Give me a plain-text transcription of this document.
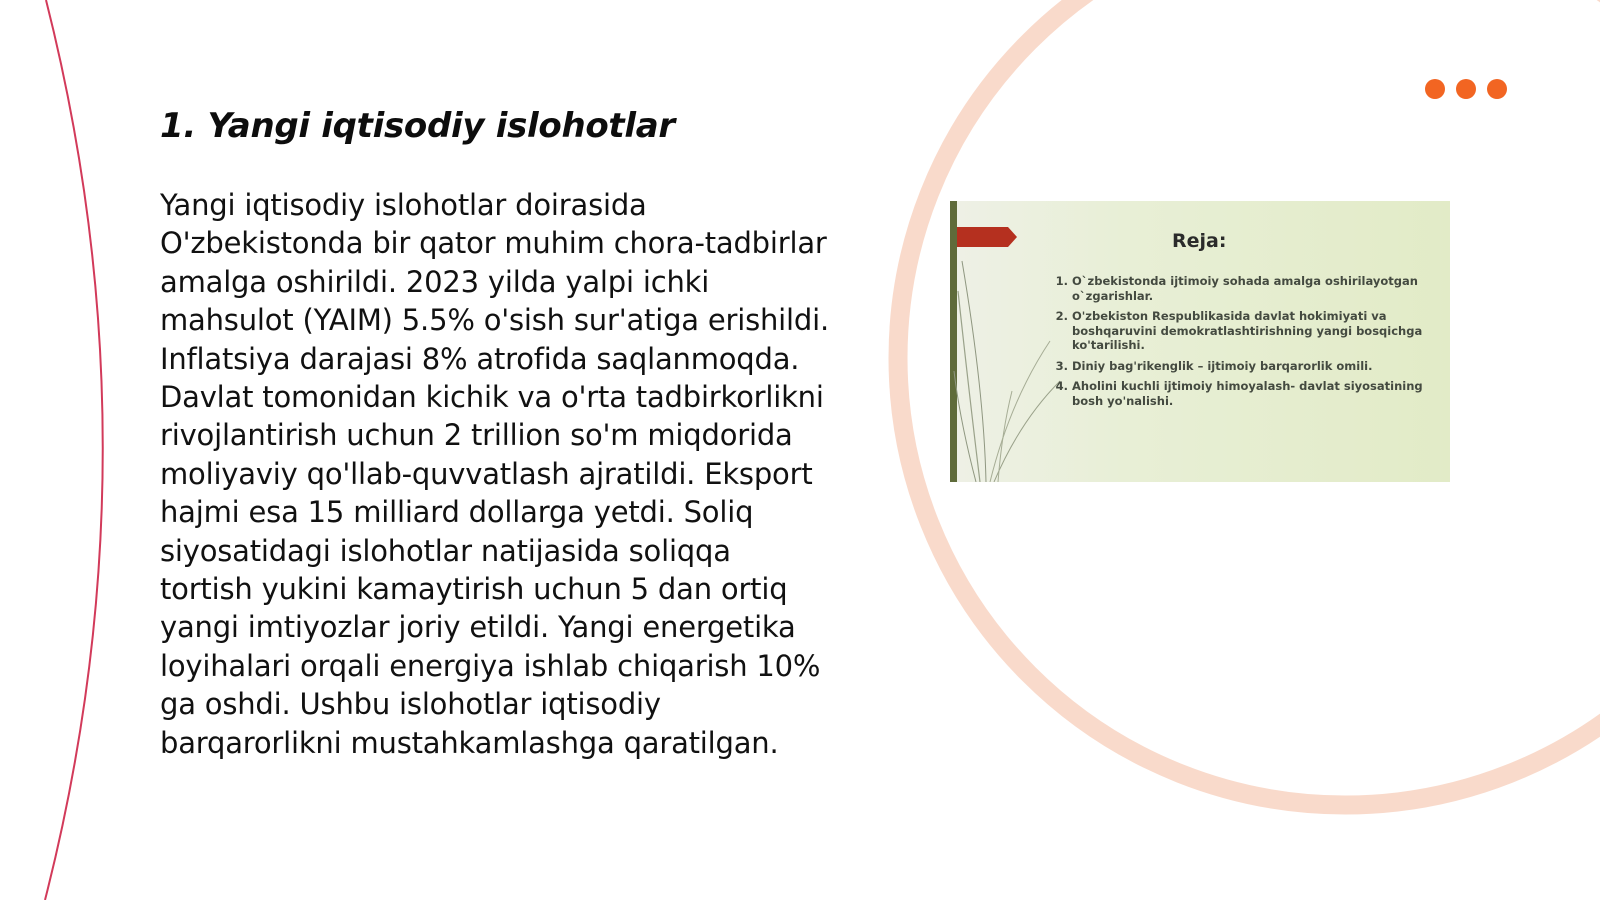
1. Yangi iqtisodiy islohotlar

Yangi iqtisodiy islohotlar doirasida O'zbekistonda bir qator muhim chora-tadbirlar amalga oshirildi. 2023 yilda yalpi ichki mahsulot (YAIM) 5.5% o'sish sur'atiga erishildi. Inflatsiya darajasi 8% atrofida saqlanmoqda. Davlat tomonidan kichik va o'rta tadbirkorlikni rivojlantirish uchun 2 trillion so'm miqdorida moliyaviy qo'llab-quvvatlash ajratildi. Eksport hajmi esa 15 milliard dollarga yetdi. Soliq siyosatidagi islohotlar natijasida soliqqa tortish yukini kamaytirish uchun 5 dan ortiq yangi imtiyozlar joriy etildi. Yangi energetika loyihalari orqali energiya ishlab chiqarish 10% ga oshdi. Ushbu islohotlar iqtisodiy barqarorlikni mustahkamlashga qaratilgan.

Reja:
1. O`zbekistonda ijtimoiy sohada amalga oshirilayotgan o`zgarishlar.
2. O'zbekiston Respublikasida davlat hokimiyati va boshqaruvini demokratlashtirishning yangi bosqichga ko'tarilishi.
3. Diniy bag'rikenglik – ijtimoiy barqarorlik omili.
4. Aholini kuchli ijtimoiy himoyalash- davlat siyosatining bosh yo'nalishi.
